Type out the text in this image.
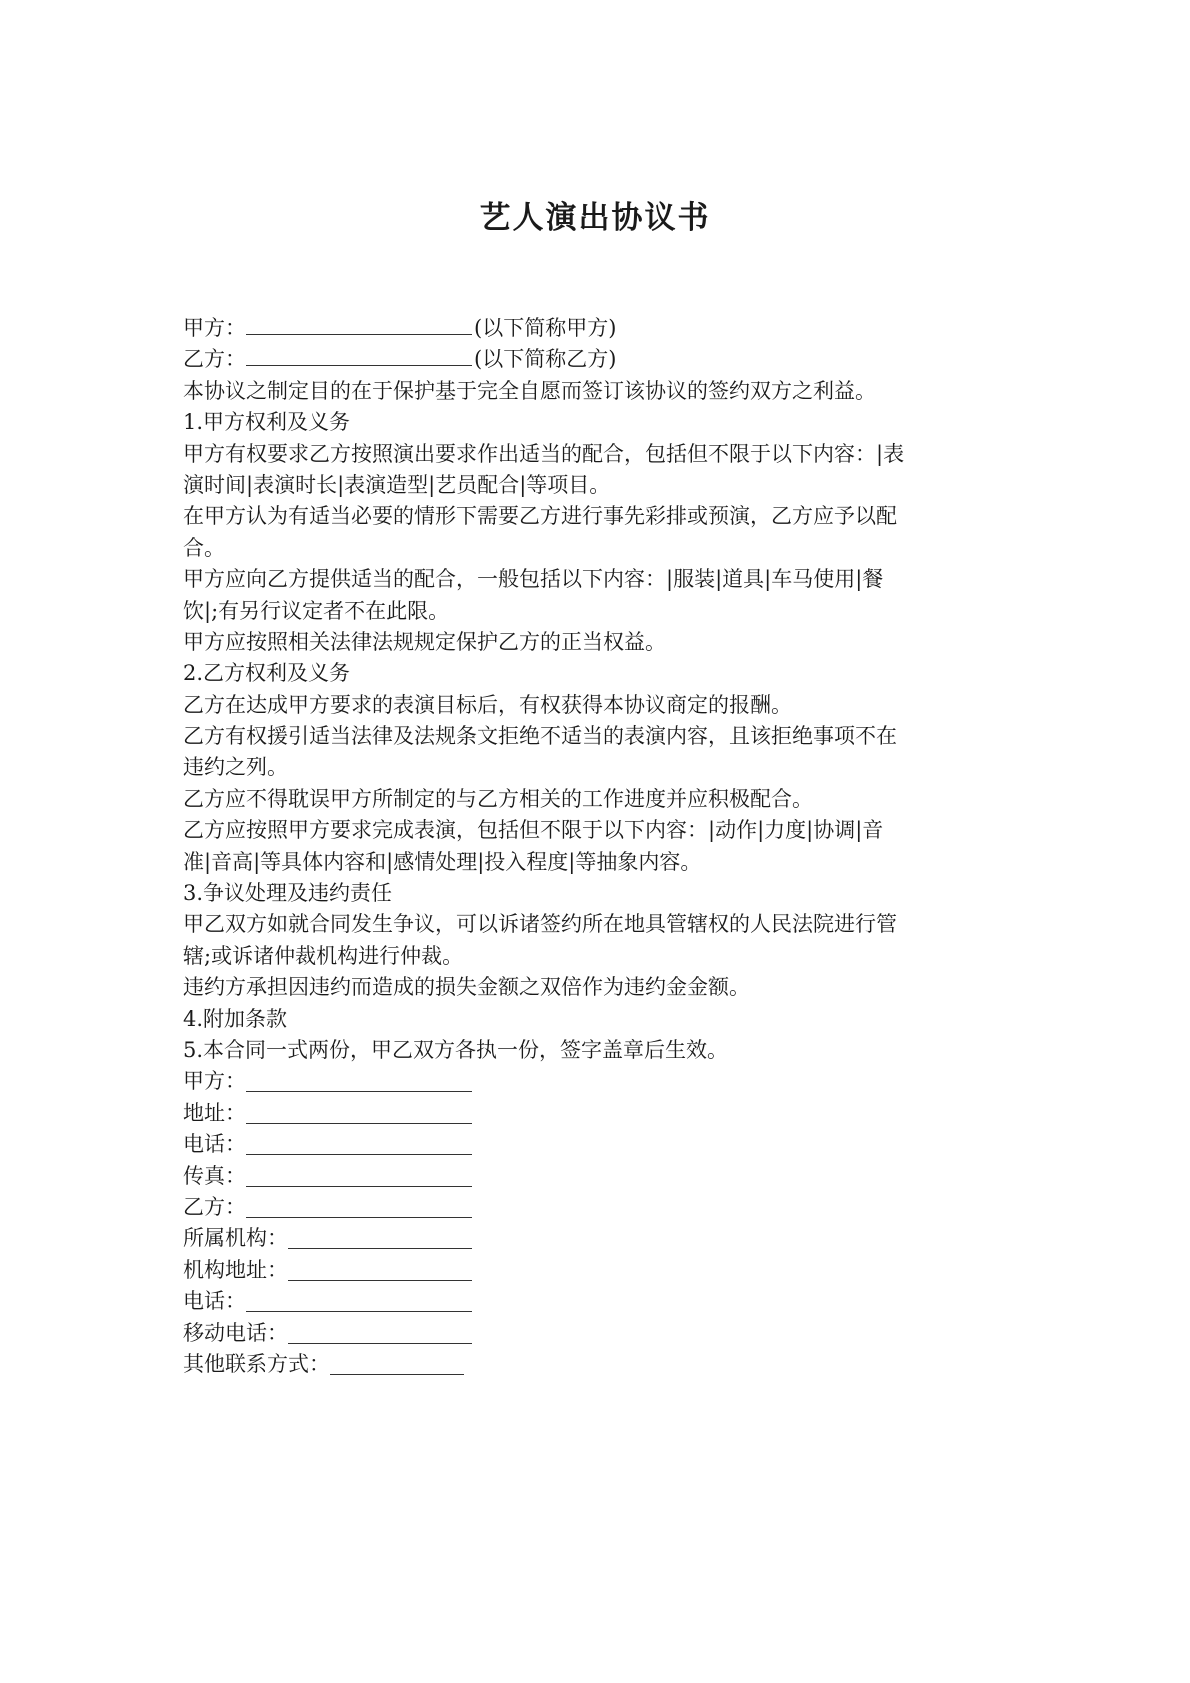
艺人演出协议书
甲方：	(以下简称甲方)
乙方：	(以下简称乙方)
本协议之制定目的在于保护基于完全自愿而签订该协议的签约双方之利益。
1.甲方权利及义务
甲方有权要求乙方按照演出要求作出适当的配合，包括但不限于以下内容：|表
演时间|表演时长|表演造型|艺员配合|等项目。
在甲方认为有适当必要的情形下需要乙方进行事先彩排或预演，乙方应予以配
合。
甲方应向乙方提供适当的配合，一般包括以下内容：|服装|道具|车马使用|餐
饮|;有另行议定者不在此限。
甲方应按照相关法律法规规定保护乙方的正当权益。
2.乙方权利及义务
乙方在达成甲方要求的表演目标后，有权获得本协议商定的报酬。
乙方有权援引适当法律及法规条文拒绝不适当的表演内容，且该拒绝事项不在
违约之列。
乙方应不得耽误甲方所制定的与乙方相关的工作进度并应积极配合。
乙方应按照甲方要求完成表演，包括但不限于以下内容：|动作|力度|协调|音
准|音高|等具体内容和|感情处理|投入程度|等抽象内容。
3.争议处理及违约责任
甲乙双方如就合同发生争议，可以诉诸签约所在地具管辖权的人民法院进行管
辖;或诉诸仲裁机构进行仲裁。
违约方承担因违约而造成的损失金额之双倍作为违约金金额。
4.附加条款
5.本合同一式两份，甲乙双方各执一份，签字盖章后生效。
甲方：
地址：
电话：
传真：
乙方：
所属机构：
机构地址：
电话：
移动电话：
其他联系方式：
